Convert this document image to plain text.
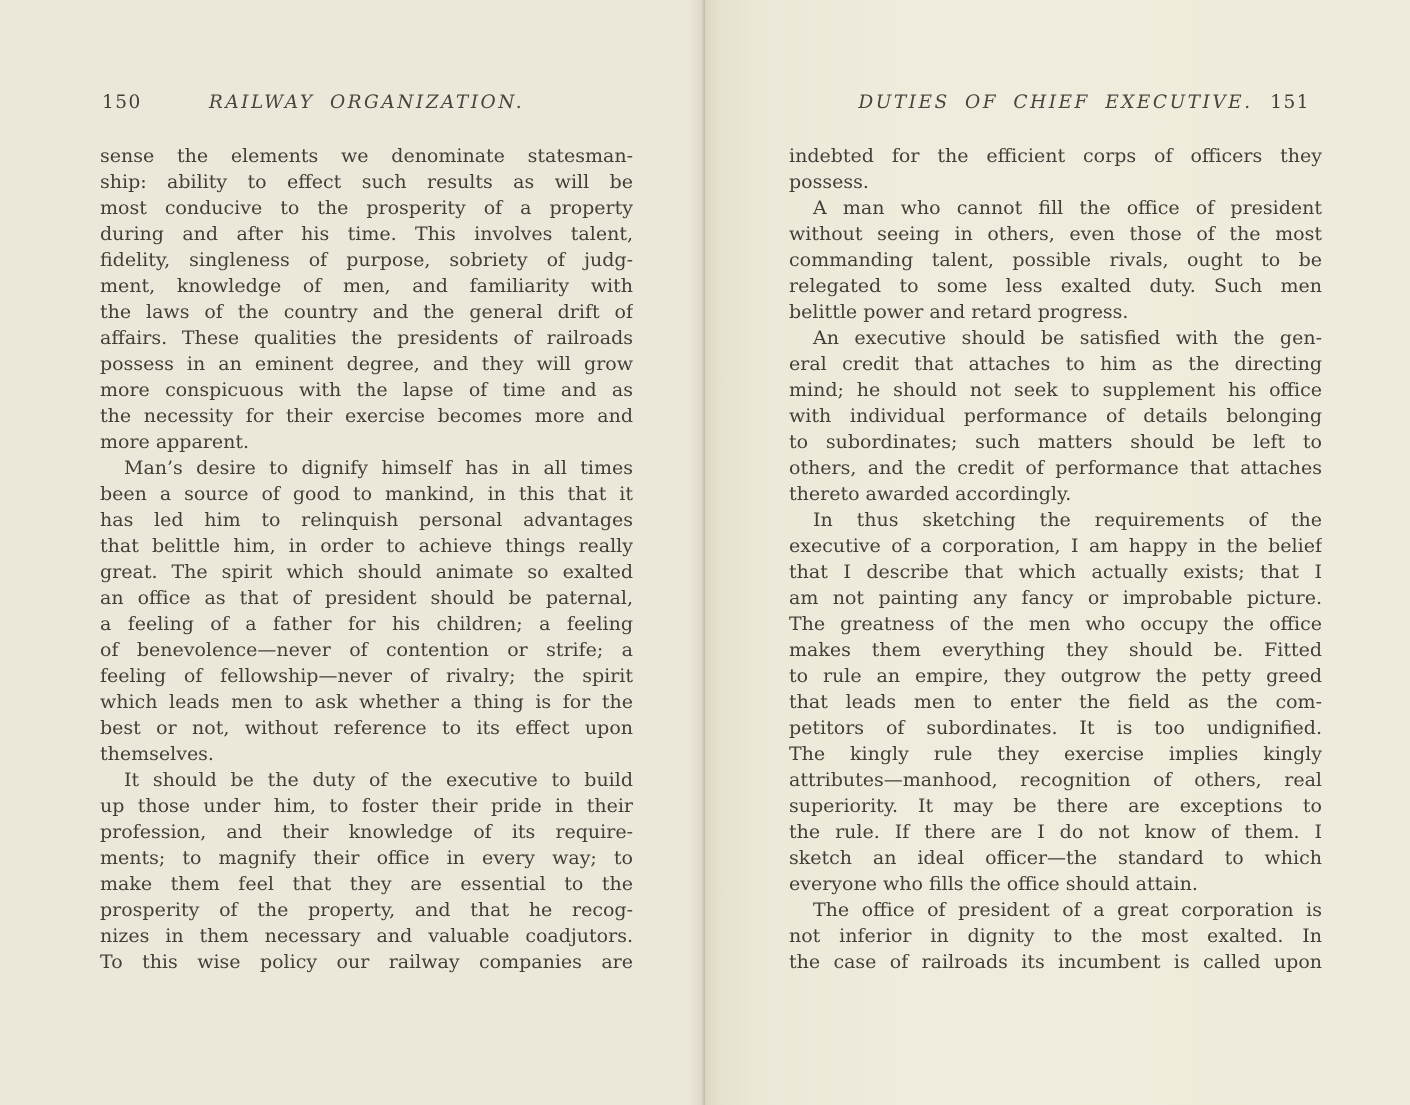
150	RAILWAY ORGANIZATION.
sense the elements we denominate statesman-
ship: ability to effect such results as will be
most conducive to the prosperity of a property
during and after his time. This involves talent,
fidelity, singleness of purpose, sobriety of judg-
ment, knowledge of men, and familiarity with
the laws of the country and the general drift of
affairs. These qualities the presidents of railroads
possess in an eminent degree, and they will grow
more conspicuous with the lapse of time and as
the necessity for their exercise becomes more and
more apparent.
Man’s desire to dignify himself has in all times
been a source of good to mankind, in this that it
has led him to relinquish personal advantages
that belittle him, in order to achieve things really
great. The spirit which should animate so exalted
an office as that of president should be paternal,
a feeling of a father for his children; a feeling
of benevolence—never of contention or strife; a
feeling of fellowship—never of rivalry; the spirit
which leads men to ask whether a thing is for the
best or not, without reference to its effect upon
themselves.
It should be the duty of the executive to build
up those under him, to foster their pride in their
profession, and their knowledge of its require-
ments; to magnify their office in every way; to
make them feel that they are essential to the
prosperity of the property, and that he recog-
nizes in them necessary and valuable coadjutors.
To this wise policy our railway companies are
DUTIES OF CHIEF EXECUTIVE. 151
indebted for the efficient corps of officers they
possess.
A man who cannot fill the office of president
without seeing in others, even those of the most
commanding talent, possible rivals, ought to be
relegated to some less exalted duty. Such men
belittle power and retard progress.
An executive should be satisfied with the gen-
eral credit that attaches to him as the directing
mind; he should not seek to supplement his office
with individual performance of details belonging
to subordinates; such matters should be left to
others, and the credit of performance that attaches
thereto awarded accordingly.
In thus sketching the requirements of the
executive of a corporation, I am happy in the belief
that I describe that which actually exists; that I
am not painting any fancy or improbable picture.
The greatness of the men who occupy the office
makes them everything they should be. Fitted
to rule an empire, they outgrow the petty greed
that leads men to enter the field as the com-
petitors of subordinates. It is too undignified.
The kingly rule they exercise implies kingly
attributes—manhood, recognition of others, real
superiority. It may be there are exceptions to
the rule. If there are I do not know of them. I
sketch an ideal officer—the standard to which
everyone who fills the office should attain.
The office of president of a great corporation is
not inferior in dignity to the most exalted. In
the case of railroads its incumbent is called upon
